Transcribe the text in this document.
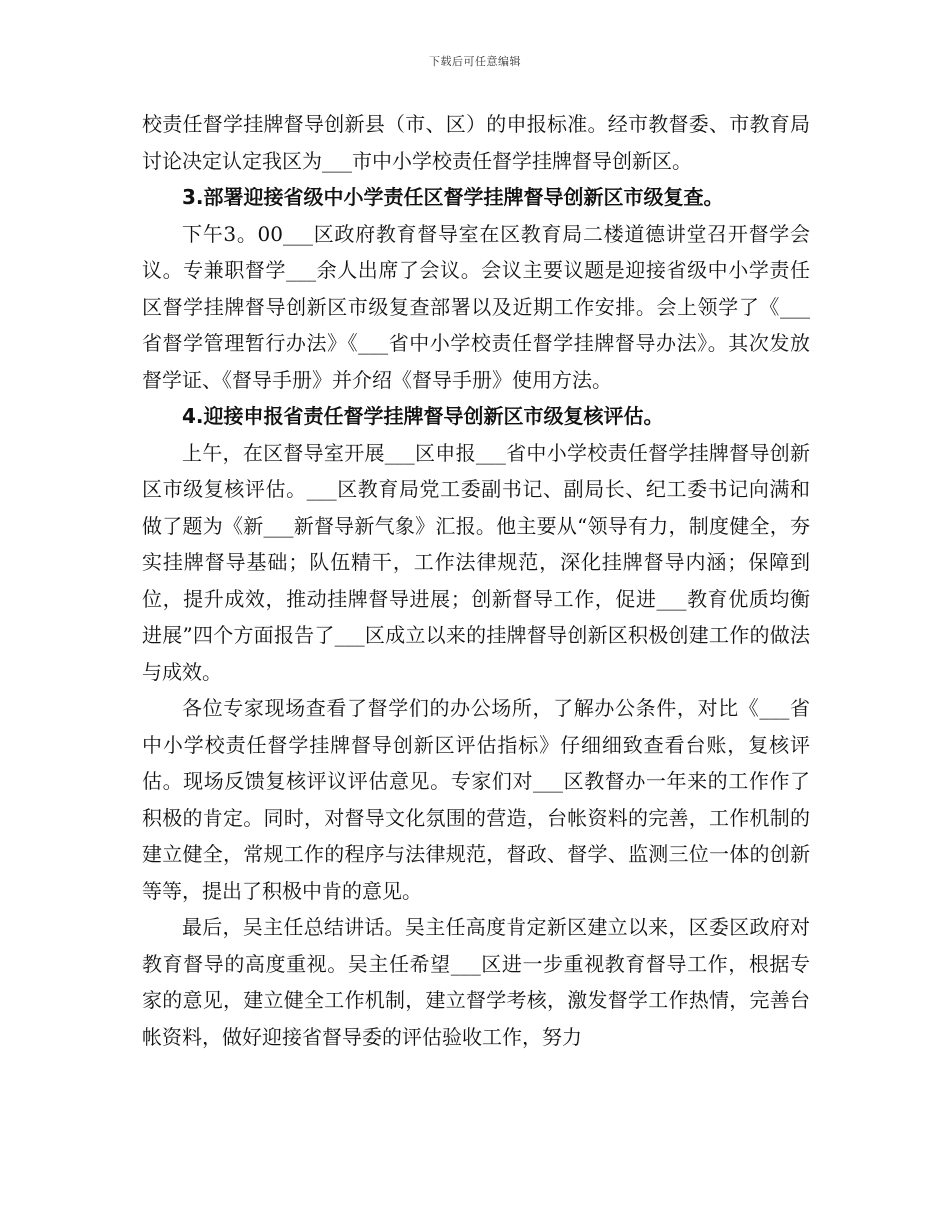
下载后可任意编辑

校责任督学挂牌督导创新县（市、区）的申报标准。经市教督委、市教育局讨论决定认定我区为___市中小学校责任督学挂牌督导创新区。

3.部署迎接省级中小学责任区督学挂牌督导创新区市级复查。

下午3。00___区政府教育督导室在区教育局二楼道德讲堂召开督学会议。专兼职督学___余人出席了会议。会议主要议题是迎接省级中小学责任区督学挂牌督导创新区市级复查部署以及近期工作安排。会上领学了《___省督学管理暂行办法》《___省中小学校责任督学挂牌督导办法》。其次发放督学证、《督导手册》并介绍《督导手册》使用方法。

4.迎接申报省责任督学挂牌督导创新区市级复核评估。

上午，在区督导室开展___区申报___省中小学校责任督学挂牌督导创新区市级复核评估。___区教育局党工委副书记、副局长、纪工委书记向满和做了题为《新___新督导新气象》汇报。他主要从“领导有力，制度健全，夯实挂牌督导基础；队伍精干，工作法律规范，深化挂牌督导内涵；保障到位，提升成效，推动挂牌督导进展；创新督导工作，促进___教育优质均衡进展”四个方面报告了___区成立以来的挂牌督导创新区积极创建工作的做法与成效。

各位专家现场查看了督学们的办公场所，了解办公条件，对比《___省中小学校责任督学挂牌督导创新区评估指标》仔细细致查看台账，复核评估。现场反馈复核评议评估意见。专家们对___区教督办一年来的工作作了积极的肯定。同时，对督导文化氛围的营造，台帐资料的完善，工作机制的建立健全，常规工作的程序与法律规范，督政、督学、监测三位一体的创新等等，提出了积极中肯的意见。

最后，吴主任总结讲话。吴主任高度肯定新区建立以来，区委区政府对教育督导的高度重视。吴主任希望___区进一步重视教育督导工作，根据专家的意见，建立健全工作机制，建立督学考核，激发督学工作热情，完善台帐资料，做好迎接省督导委的评估验收工作，努力
